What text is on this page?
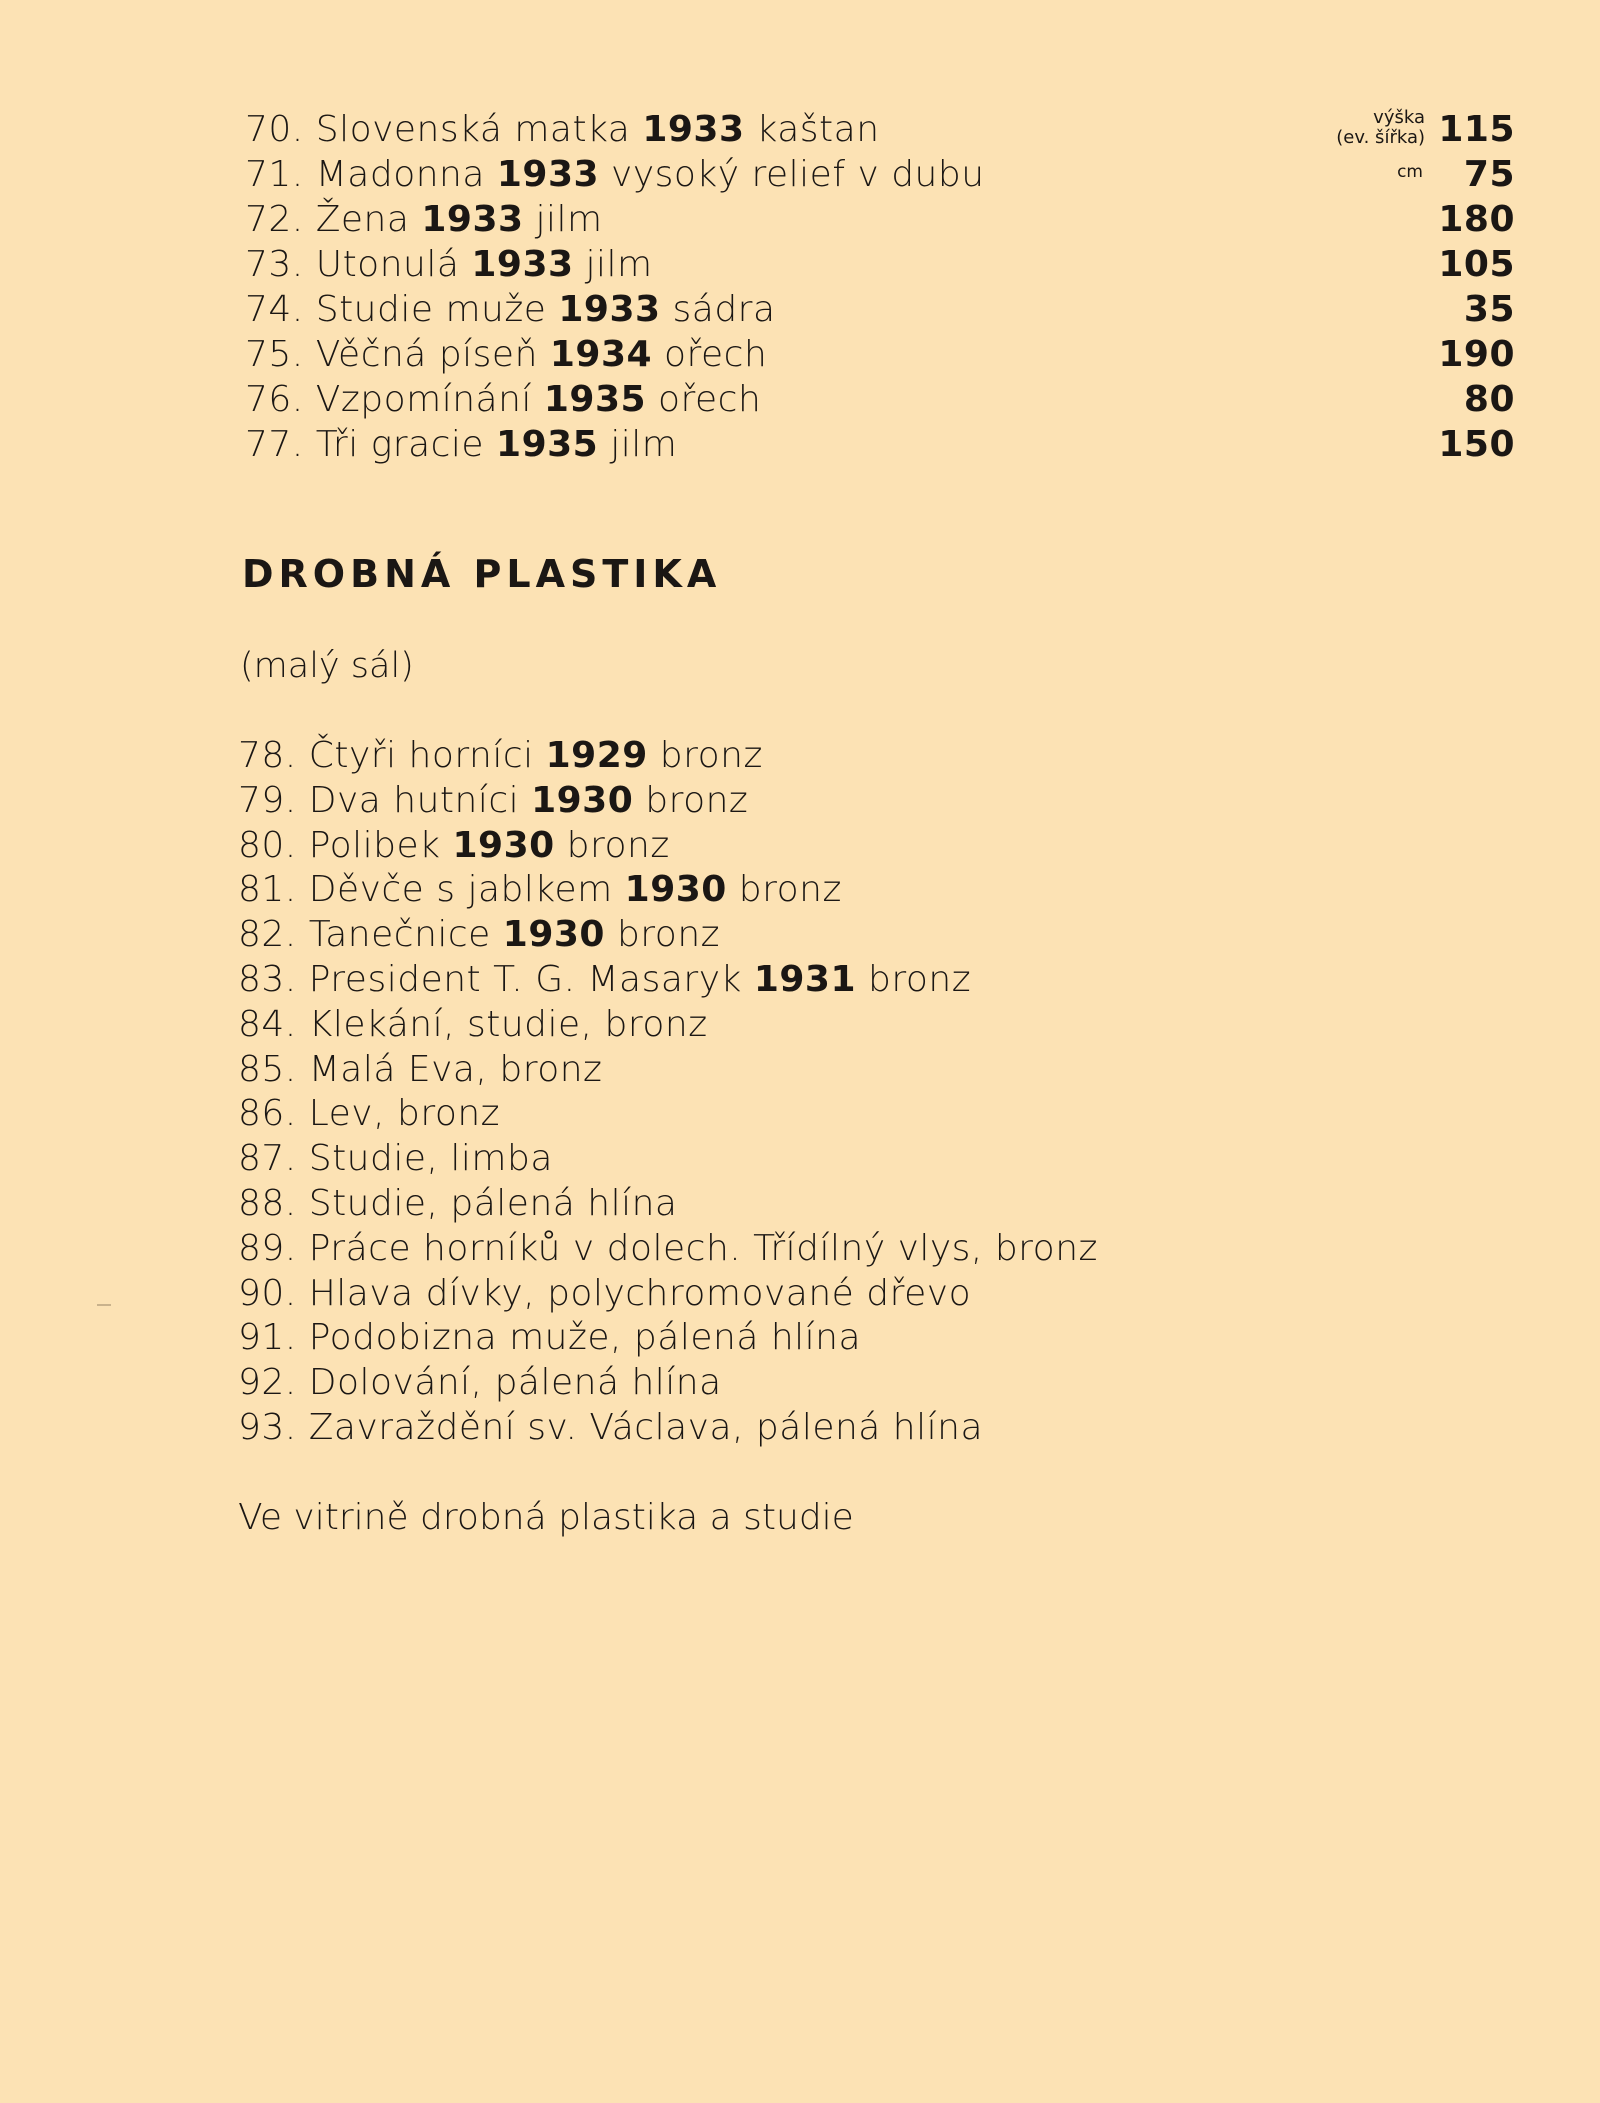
výška
(ev. šířka)
cm
70. Slovenská matka 1933 kaštan	115
71. Madonna 1933 vysoký relief v dubu	75
72. Žena 1933 jilm	180
73. Utonulá 1933 jilm	105
74. Studie muže 1933 sádra	35
75. Věčná píseň 1934 ořech	190
76. Vzpomínání 1935 ořech	80
77. Tři gracie 1935 jilm	150
DROBNÁ PLASTIKA
(malý sál)
78. Čtyři horníci 1929 bronz
79. Dva hutníci 1930 bronz
80. Polibek 1930 bronz
81. Děvče s jablkem 1930 bronz
82. Tanečnice 1930 bronz
83. President T. G. Masaryk 1931 bronz
84. Klekání, studie, bronz
85. Malá Eva, bronz
86. Lev, bronz
87. Studie, limba
88. Studie, pálená hlína
89. Práce horníků v dolech. Třídílný vlys, bronz
90. Hlava dívky, polychromované dřevo
91. Podobizna muže, pálená hlína
92. Dolování, pálená hlína
93. Zavraždění sv. Václava, pálená hlína
Ve vitrině drobná plastika a studie
